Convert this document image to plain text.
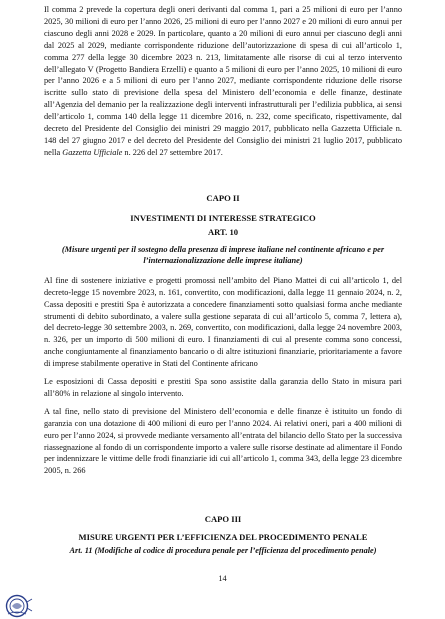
Il comma 2 prevede la copertura degli oneri derivanti dal comma 1, pari a 25 milioni di euro per l’anno 2025, 30 milioni di euro per l’anno 2026, 25 milioni di euro per l’anno 2027 e 20 milioni di euro annui per ciascuno degli anni 2028 e 2029. In particolare, quanto a 20 milioni di euro annui per ciascuno degli anni dal 2025 al 2029, mediante corrispondente riduzione dell’autorizzazione di spesa di cui all’articolo 1, comma 277 della legge 30 dicembre 2023 n. 213, limitatamente alle risorse di cui al terzo intervento dell’allegato V (Progetto Bandiera Erzelli) e quanto a 5 milioni di euro per l’anno 2025, 10 milioni di euro per l’anno 2026 e a 5 milioni di euro per l’anno 2027, mediante corrispondente riduzione delle risorse iscritte sullo stato di previsione della spesa del Ministero dell’economia e delle finanze, destinate all’Agenzia del demanio per la realizzazione degli interventi infrastrutturali per l’edilizia pubblica, ai sensi dell’articolo 1, comma 140 della legge 11 dicembre 2016, n. 232, come specificato, rispettivamente, dal decreto del Presidente del Consiglio dei ministri 29 maggio 2017, pubblicato nella Gazzetta Ufficiale n. 148 del 27 giugno 2017 e del decreto del Presidente del Consiglio dei ministri 21 luglio 2017, pubblicato nella Gazzetta Ufficiale n. 226 del 27 settembre 2017.

CAPO II
INVESTIMENTI DI INTERESSE STRATEGICO
ART. 10
(Misure urgenti per il sostegno della presenza di imprese italiane nel continente africano e per l’internazionalizzazione delle imprese italiane)

Al fine di sostenere iniziative e progetti promossi nell’ambito del Piano Mattei di cui all’articolo 1, del decreto-legge 15 novembre 2023, n. 161, convertito, con modificazioni, dalla legge 11 gennaio 2024, n. 2, Cassa depositi e prestiti Spa è autorizzata a concedere finanziamenti sotto qualsiasi forma anche mediante strumenti di debito subordinato, a valere sulla gestione separata di cui all’articolo 5, comma 7, lettera a), del decreto-legge 30 settembre 2003, n. 269, convertito, con modificazioni, dalla legge 24 novembre 2003, n. 326, per un importo di 500 milioni di euro. I finanziamenti di cui al presente comma sono concessi, anche congiuntamente al finanziamento bancario o di altre istituzioni finanziarie, prioritariamente a favore di imprese stabilmente operative in Stati del Continente africano

Le esposizioni di Cassa depositi e prestiti Spa sono assistite dalla garanzia dello Stato in misura pari all’80% in relazione al singolo intervento.

A tal fine, nello stato di previsione del Ministero dell’economia e delle finanze è istituito un fondo di garanzia con una dotazione di 400 milioni di euro per l’anno 2024. Ai relativi oneri, pari a 400 milioni di euro per l’anno 2024, si provvede mediante versamento all’entrata del bilancio dello Stato per la successiva riassegnazione al fondo di un corrispondente importo a valere sulle risorse destinate ad alimentare il Fondo per indennizzare le vittime delle frodi finanziarie idi cui all’articolo 1, comma 343, della legge 23 dicembre 2005, n. 266

CAPO III
MISURE URGENTI PER L’EFFICIENZA DEL PROCEDIMENTO PENALE
Art. 11 (Modifiche al codice di procedura penale per l’efficienza del procedimento penale)
14
